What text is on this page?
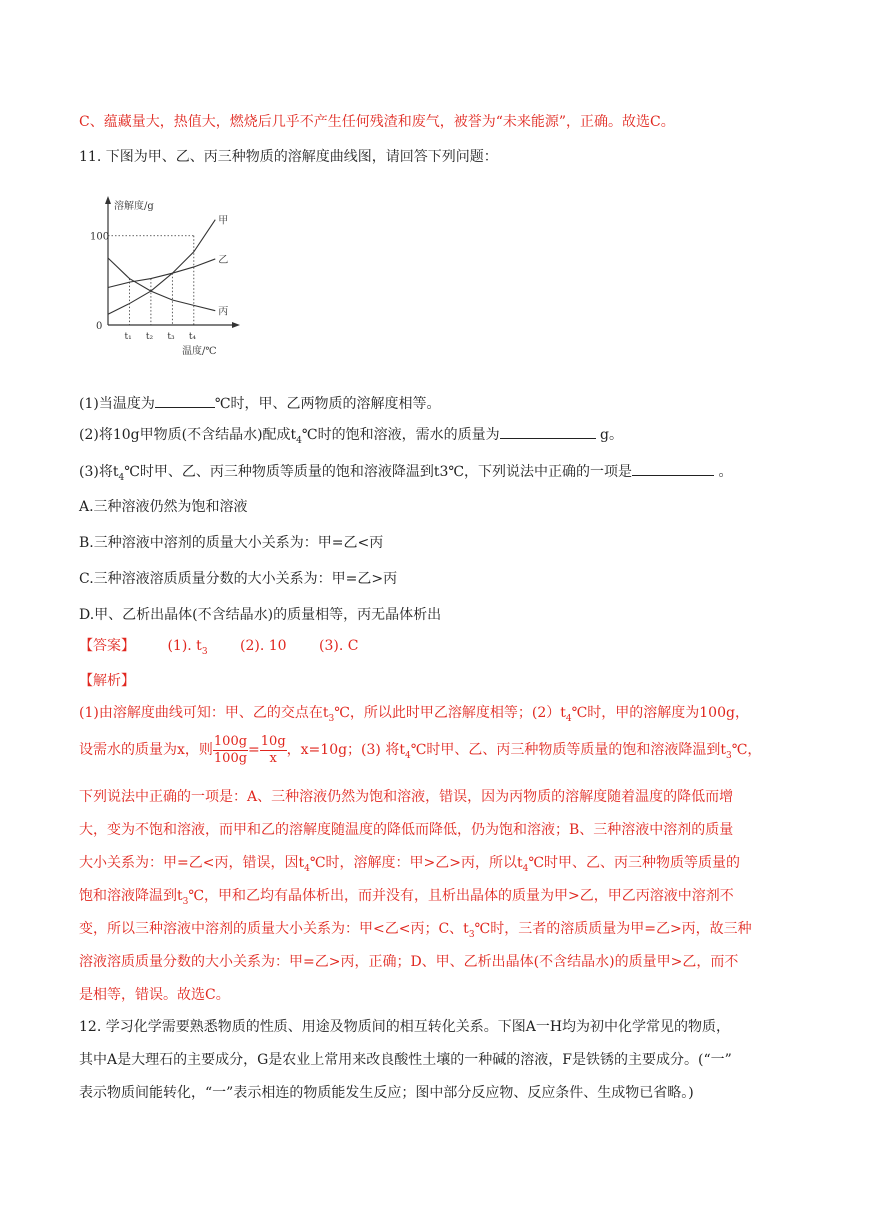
C、蕴藏量大，热值大，燃烧后几乎不产生任何残渣和废气，被誉为“未来能源”，正确。故选C。
11. 下图为甲、乙、丙三种物质的溶解度曲线图，请回答下列问题：
溶解度/g
温度/℃
0
100
甲
乙
丙
t₁ t₂ t₃ t₄
(1)当温度为	℃时，甲、乙两物质的溶解度相等。
(2)将10g甲物质(不含结晶水)配成$t_4℃$时的饱和溶液，需水的质量为	g。
(3)将$t_4℃$时甲、乙、丙三种物质等质量的饱和溶液降温到t3℃，下列说法中正确的一项是	。
A.三种溶液仍然为饱和溶液
B.三种溶液中溶剂的质量大小关系为：甲=乙<丙
C.三种溶液溶质质量分数的大小关系为：甲=乙>丙
D.甲、乙析出晶体(不含结晶水)的质量相等，丙无晶体析出
【答案】 (1). $t_3$ (2). 10 (3). C
【解析】
(1)由溶解度曲线可知：甲、乙的交点在$t_3℃$，所以此时甲乙溶解度相等；$(2)t_4℃$时，甲的溶解度为100g，
设需水的质量为x，则 $\frac{100g}{100g} = \frac{10g}{x}$ ，x=10g；(3) 将$t_4℃$时甲、乙、丙三种物质等质量的饱和溶液降温到$t_3℃$，
下列说法中正确的一项是：A、三种溶液仍然为饱和溶液，错误，因为丙物质的溶解度随着温度的降低而增
大，变为不饱和溶液，而甲和乙的溶解度随温度的降低而降低，仍为饱和溶液；B、三种溶液中溶剂的质量
大小关系为：甲=乙<丙，错误，因$t_4℃$时，溶解度：甲>乙>丙，所以$t_4℃$时甲、乙、丙三种物质等质量的
饱和溶液降温到$t_3℃$，甲和乙均有晶体析出，而并没有，且析出晶体的质量为甲>乙，甲乙丙溶液中溶剂不
变，所以三种溶液中溶剂的质量大小关系为：甲<乙<丙；C、$t_3℃$时，三者的溶质质量为甲=乙>丙，故三种
溶液溶质质量分数的大小关系为：甲=乙>丙，正确；D、甲、乙析出晶体(不含结晶水)的质量甲>乙，而不
是相等，错误。故选C。
12. 学习化学需要熟悉物质的性质、用途及物质间的相互转化关系。下图A一H均为初中化学常见的物质，
其中A是大理石的主要成分，G是农业上常用来改良酸性土壤的一种碱的溶液，F是铁锈的主要成分。(“一”
表示物质间能转化，“一”表示相连的物质能发生反应；图中部分反应物、反应条件、生成物已省略。)
